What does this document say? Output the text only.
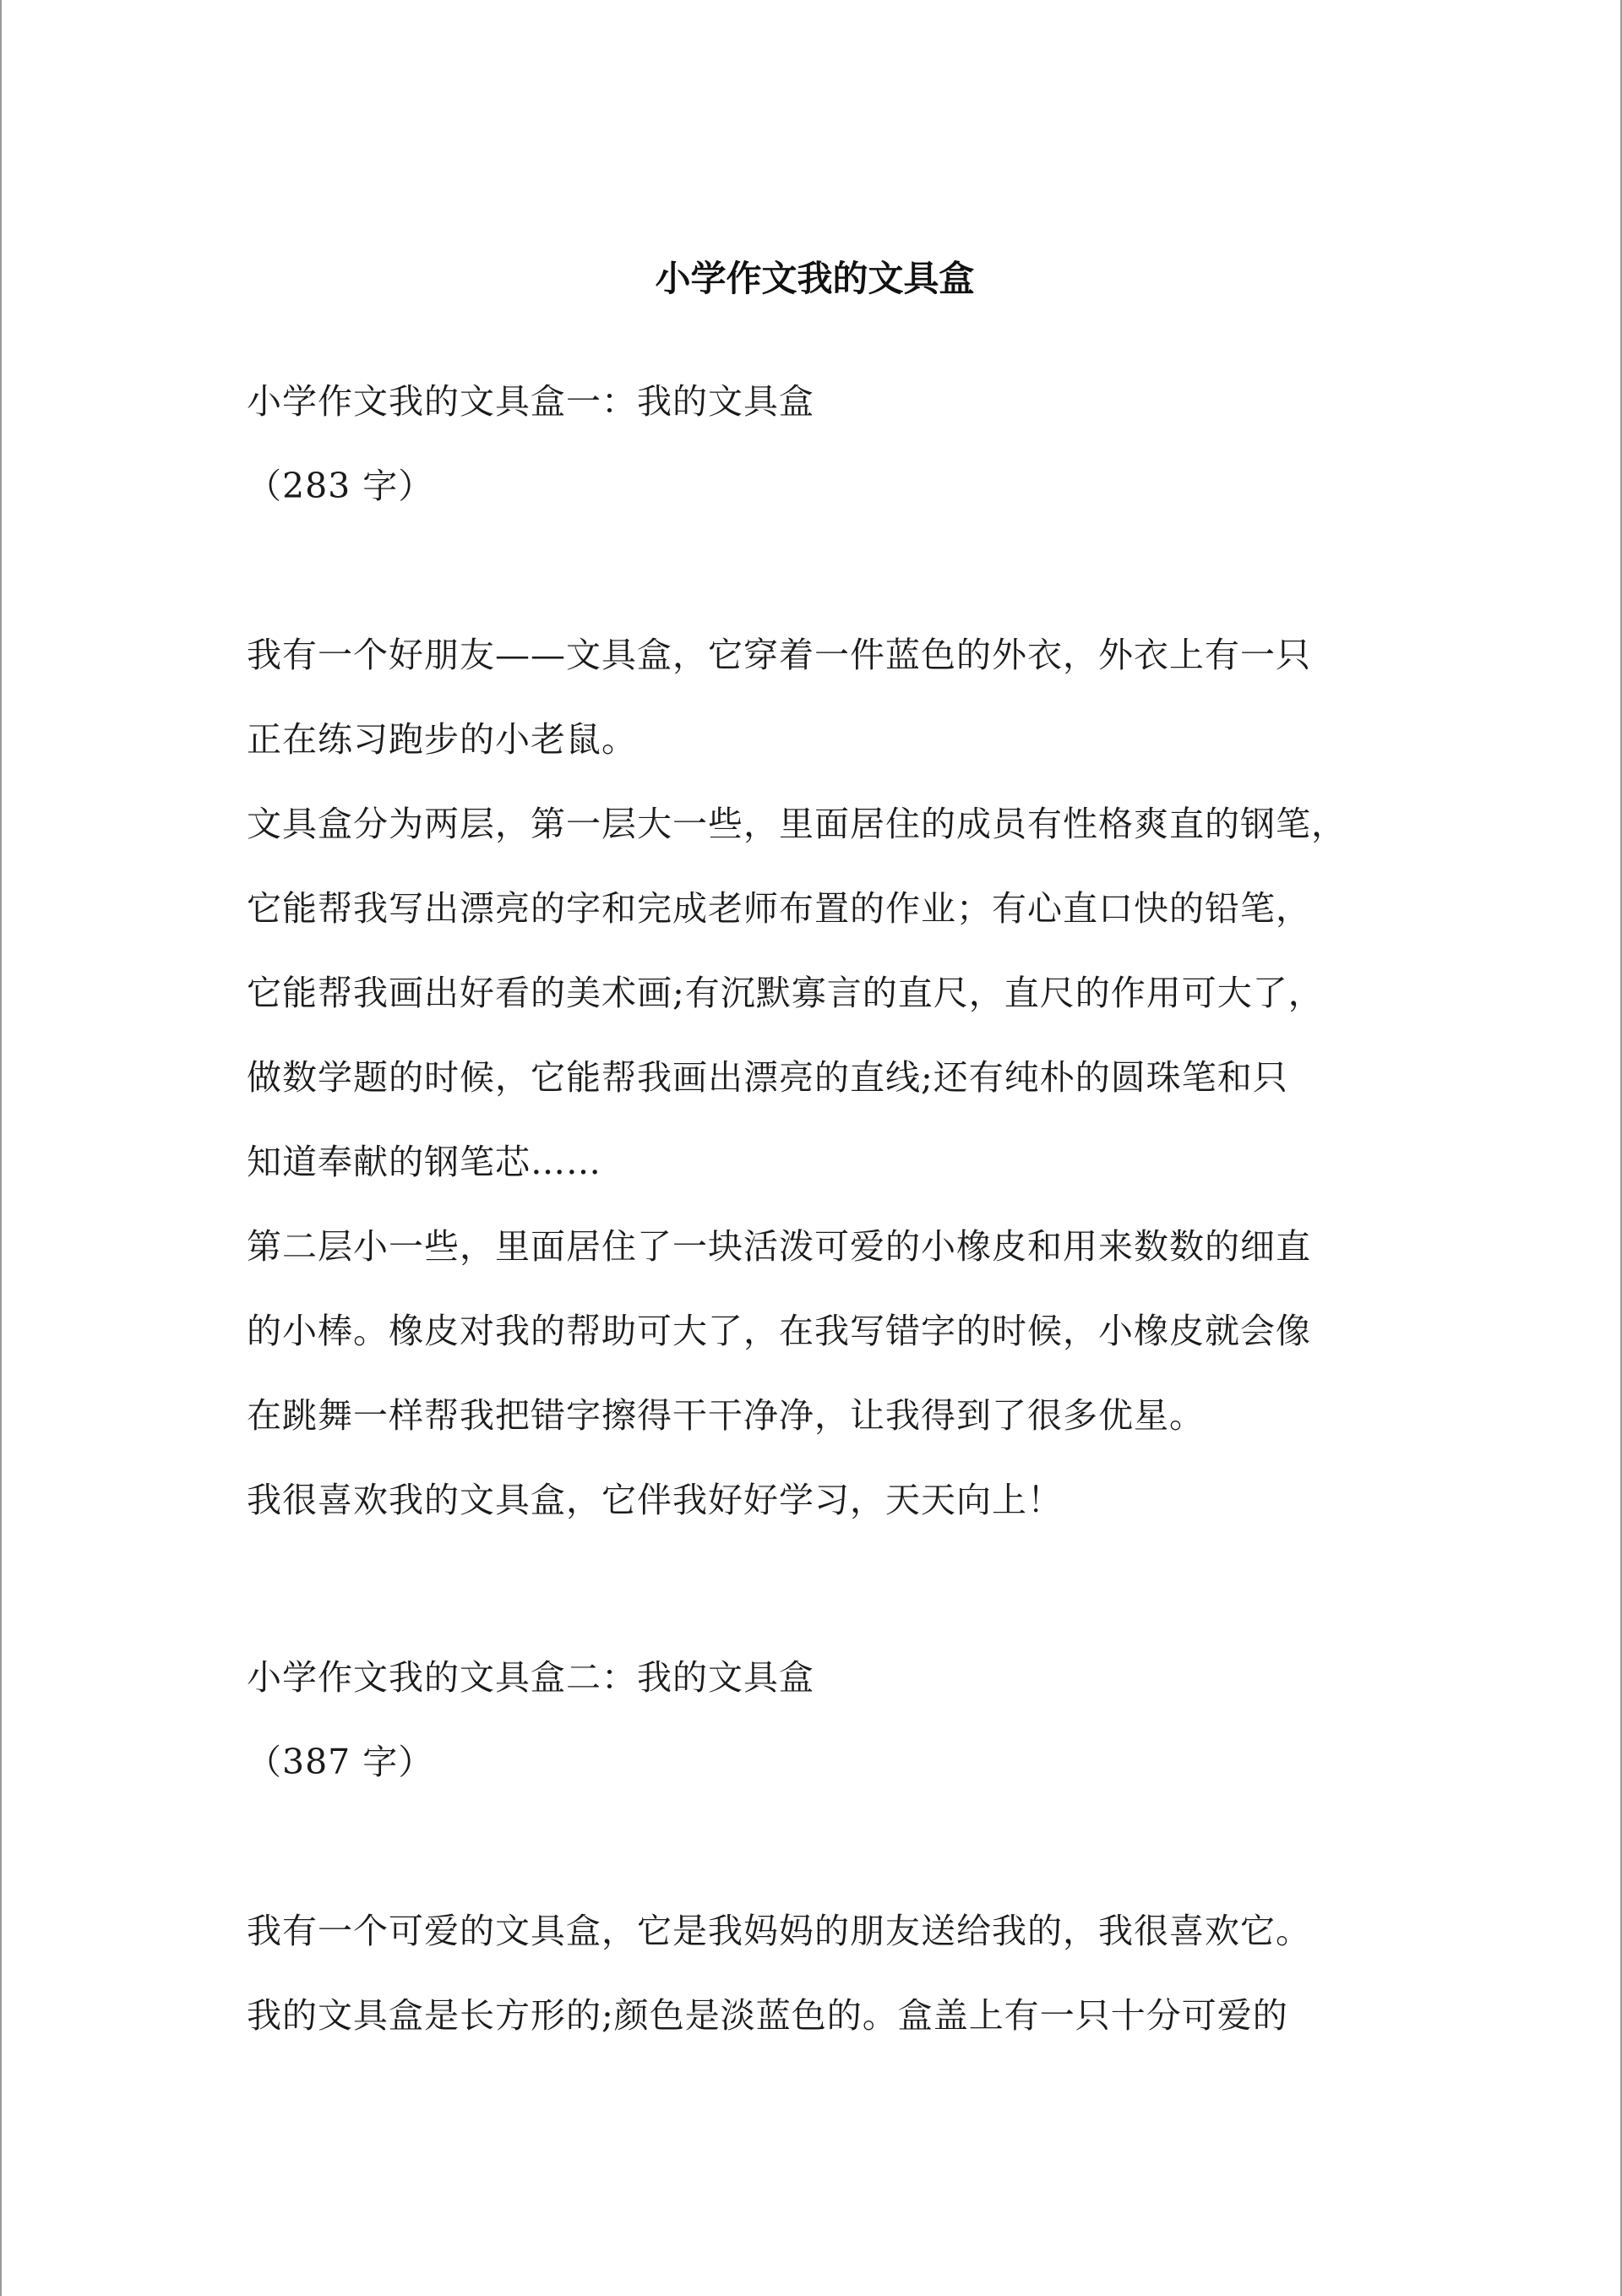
小学作文我的文具盒
小学作文我的文具盒一：我的文具盒
（283 字）
我有一个好朋友——文具盒，它穿着一件蓝色的外衣，外衣上有一只
正在练习跑步的小老鼠。
文具盒分为两层，第一层大一些，里面居住的成员有性格爽直的钢笔，
它能帮我写出漂亮的字和完成老师布置的作业；有心直口快的铅笔，
它能帮我画出好看的美术画;有沉默寡言的直尺，直尺的作用可大了，
做数学题的时候，它能帮我画出漂亮的直线;还有纯朴的圆珠笔和只
知道奉献的钢笔芯……
第二层小一些，里面居住了一块活泼可爱的小橡皮和用来数数的细直
的小棒。橡皮对我的帮助可大了，在我写错字的时候，小橡皮就会像
在跳舞一样帮我把错字擦得干干净净，让我得到了很多优星。
我很喜欢我的文具盒，它伴我好好学习，天天向上！
小学作文我的文具盒二：我的文具盒
（387 字）
我有一个可爱的文具盒，它是我妈妈的朋友送给我的，我很喜欢它。
我的文具盒是长方形的;颜色是淡蓝色的。盒盖上有一只十分可爱的
